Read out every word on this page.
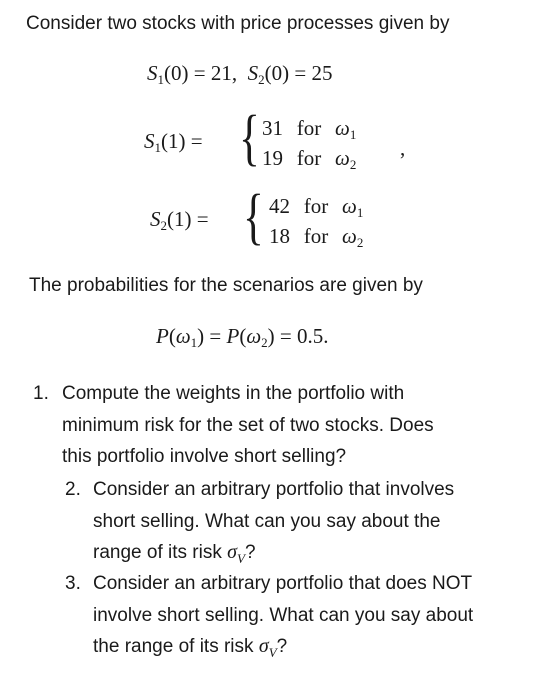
Consider two stocks with price processes given by
$S_1(0) = 21$,  $S_2(0) = 25$
$S_1(1)$ = { 31 for $\omega_1$
19 for $\omega_2$
,
$S_2(1)$ = { 42 for $\omega_1$
18 for $\omega_2$
The probabilities for the scenarios are given by
$P(\omega_1) = P(\omega_2) = 0.5$.
1. Compute the weights in the portfolio with
minimum risk for the set of two stocks. Does
this portfolio involve short selling?
2. Consider an arbitrary portfolio that involves
short selling. What can you say about the
range of its risk $\sigma_V$?
3. Consider an arbitrary portfolio that does NOT
involve short selling. What can you say about
the range of its risk $\sigma_V$?
